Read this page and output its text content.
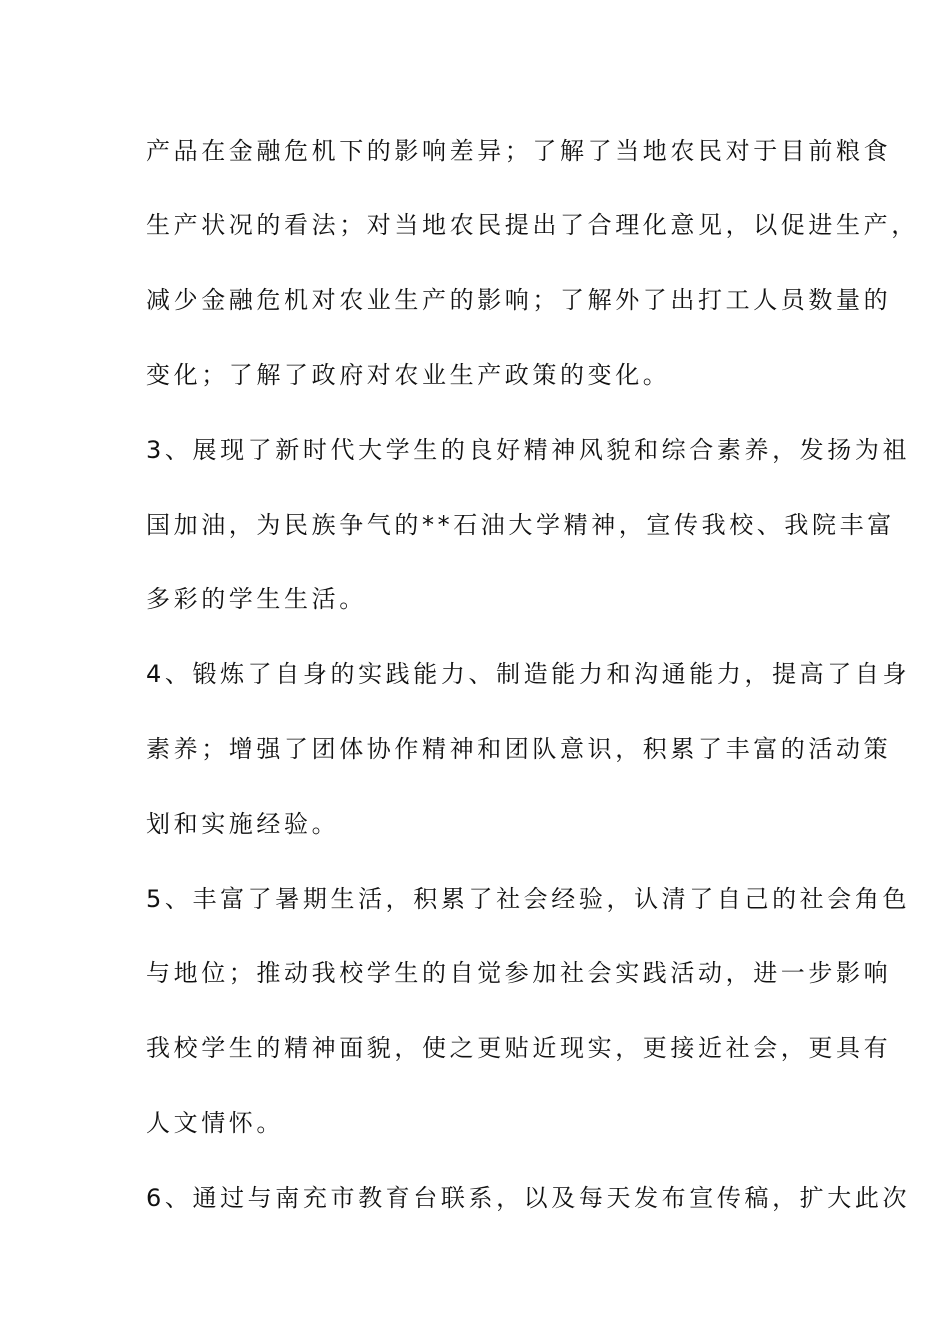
产品在金融危机下的影响差异；了解了当地农民对于目前粮食
生产状况的看法；对当地农民提出了合理化意见，以促进生产，
减少金融危机对农业生产的影响；了解外了出打工人员数量的
变化；了解了政府对农业生产政策的变化。
3、展现了新时代大学生的良好精神风貌和综合素养，发扬为祖
国加油，为民族争气的**石油大学精神，宣传我校、我院丰富
多彩的学生生活。
4、锻炼了自身的实践能力、制造能力和沟通能力，提高了自身
素养；增强了团体协作精神和团队意识，积累了丰富的活动策
划和实施经验。
5、丰富了暑期生活，积累了社会经验，认清了自己的社会角色
与地位；推动我校学生的自觉参加社会实践活动，进一步影响
我校学生的精神面貌，使之更贴近现实，更接近社会，更具有
人文情怀。
6、通过与南充市教育台联系，以及每天发布宣传稿，扩大此次
